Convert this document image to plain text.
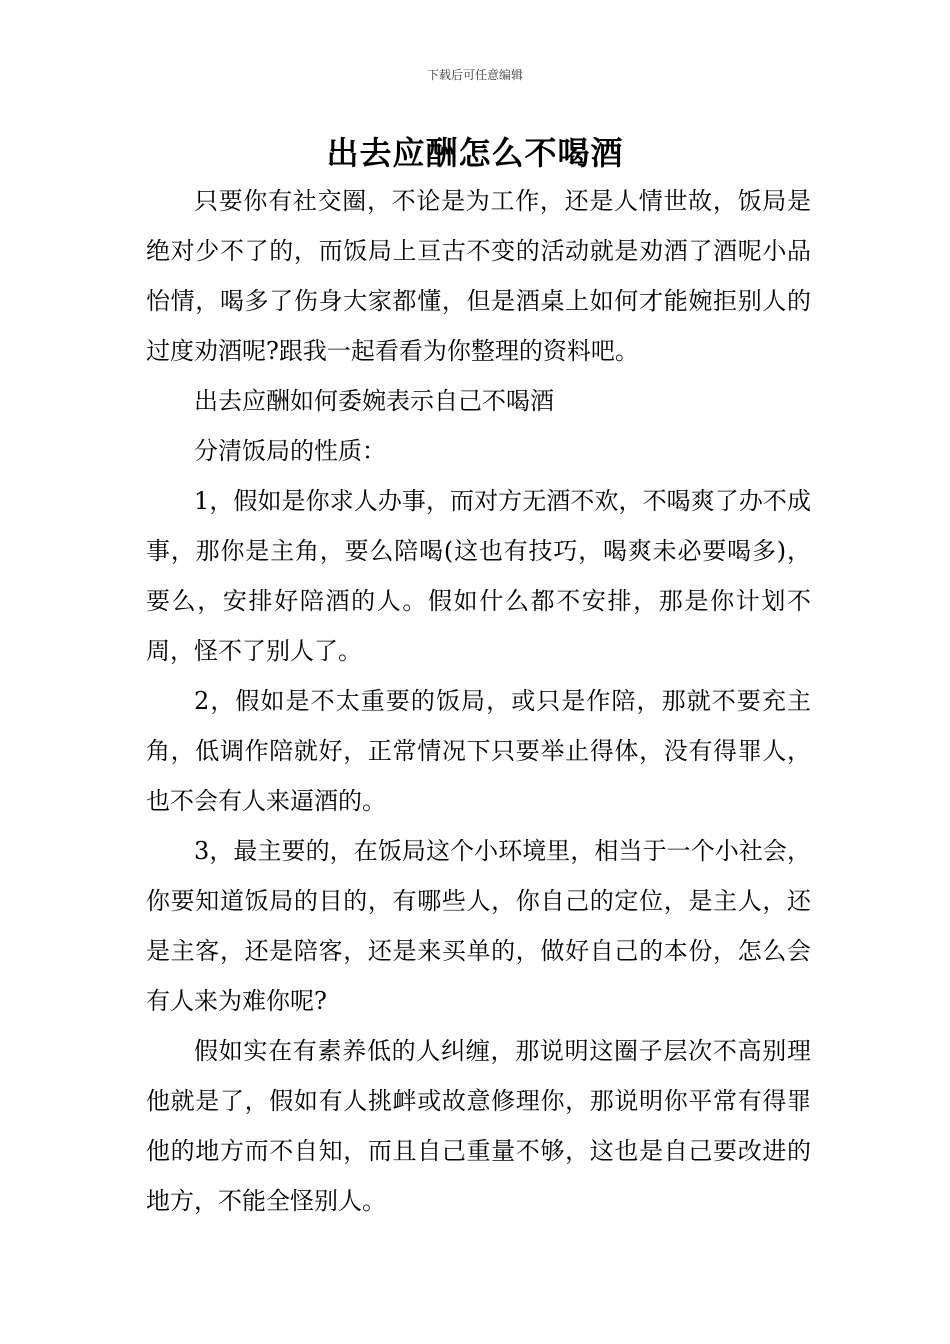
下载后可任意编辑
出去应酬怎么不喝酒

只要你有社交圈，不论是为工作，还是人情世故，饭局是绝对少不了的，而饭局上亘古不变的活动就是劝酒了酒呢小品怡情，喝多了伤身大家都懂，但是酒桌上如何才能婉拒别人的过度劝酒呢?跟我一起看看为你整理的资料吧。

出去应酬如何委婉表示自己不喝酒

分清饭局的性质：

1，假如是你求人办事，而对方无酒不欢，不喝爽了办不成事，那你是主角，要么陪喝(这也有技巧，喝爽未必要喝多)，要么，安排好陪酒的人。假如什么都不安排，那是你计划不周，怪不了别人了。

2，假如是不太重要的饭局，或只是作陪，那就不要充主角，低调作陪就好，正常情况下只要举止得体，没有得罪人，也不会有人来逼酒的。

3，最主要的，在饭局这个小环境里，相当于一个小社会，你要知道饭局的目的，有哪些人，你自己的定位，是主人，还是主客，还是陪客，还是来买单的，做好自己的本份，怎么会有人来为难你呢?

假如实在有素养低的人纠缠，那说明这圈子层次不高别理他就是了，假如有人挑衅或故意修理你，那说明你平常有得罪他的地方而不自知，而且自己重量不够，这也是自己要改进的地方，不能全怪别人。
